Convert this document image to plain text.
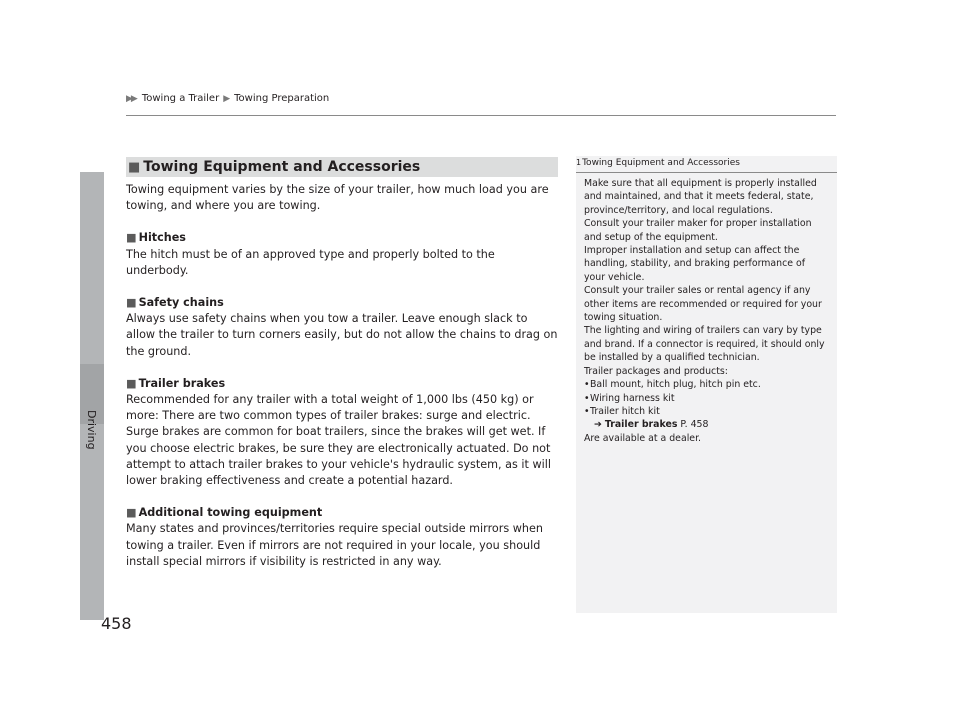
▶▶ Towing a Trailer ▶ Towing Preparation
Driving
458
■ Towing Equipment and Accessories

Towing equipment varies by the size of your trailer, how much load you are towing, and where you are towing.

■ Hitches

The hitch must be of an approved type and properly bolted to the underbody.

■ Safety chains

Always use safety chains when you tow a trailer. Leave enough slack to allow the trailer to turn corners easily, but do not allow the chains to drag on the ground.

■ Trailer brakes

Recommended for any trailer with a total weight of 1,000 lbs (450 kg) or more: There are two common types of trailer brakes: surge and electric. Surge brakes are common for boat trailers, since the brakes will get wet. If you choose electric brakes, be sure they are electronically actuated. Do not attempt to attach trailer brakes to your vehicle's hydraulic system, as it will lower braking effectiveness and create a potential hazard.

■ Additional towing equipment

Many states and provinces/territories require special outside mirrors when towing a trailer. Even if mirrors are not required in your locale, you should install special mirrors if visibility is restricted in any way.

1Towing Equipment and Accessories

Make sure that all equipment is properly installed and maintained, and that it meets federal, state, province/territory, and local regulations.

Consult your trailer maker for proper installation and setup of the equipment.

Improper installation and setup can affect the handling, stability, and braking performance of your vehicle.

Consult your trailer sales or rental agency if any other items are recommended or required for your towing situation.

The lighting and wiring of trailers can vary by type and brand. If a connector is required, it should only be installed by a qualified technician.

Trailer packages and products:

•Ball mount, hitch plug, hitch pin etc.

•Wiring harness kit

•Trailer hitch kit

➔ Trailer brakes P. 458

Are available at a dealer.
